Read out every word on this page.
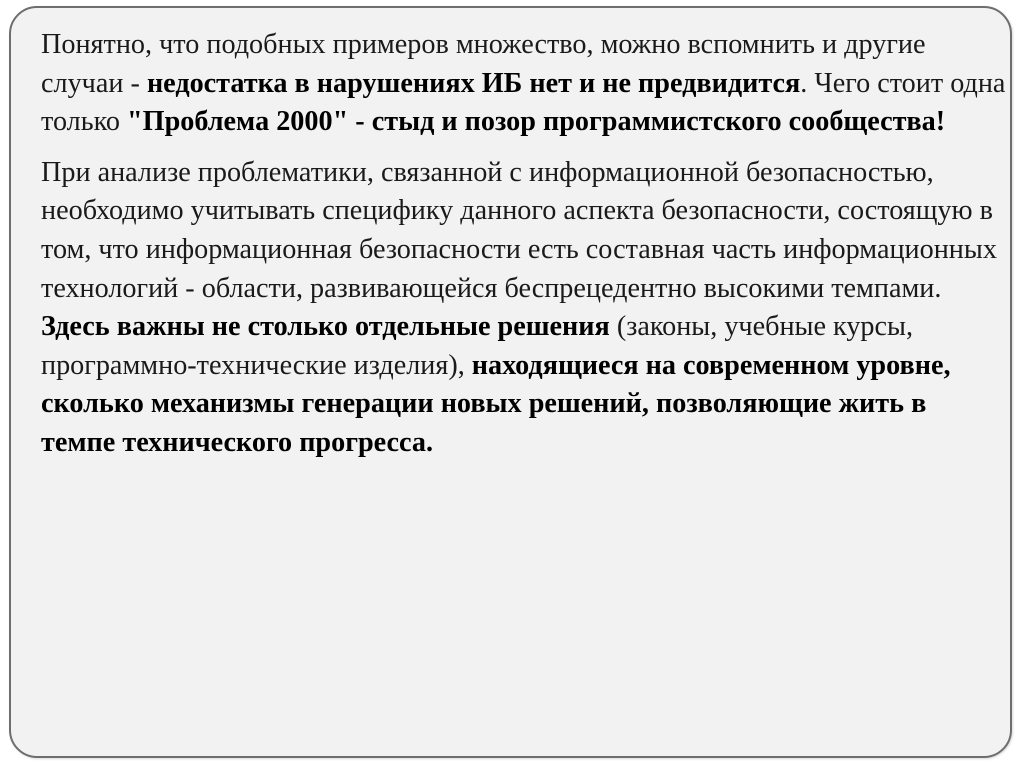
Понятно, что подобных примеров множество, можно вспомнить и другие случаи - недостатка в нарушениях ИБ нет и не предвидится. Чего стоит одна только "Проблема 2000" - стыд и позор программистского сообщества!

При анализе проблематики, связанной с информационной безопасностью, необходимо учитывать специфику данного аспекта безопасности, состоящую в том, что информационная безопасности есть составная часть информационных технологий - области, развивающейся беспрецедентно высокими темпами. Здесь важны не столько отдельные решения (законы, учебные курсы, программно-технические изделия), находящиеся на современном уровне, сколько механизмы генерации новых решений, позволяющие жить в темпе технического прогресса.
